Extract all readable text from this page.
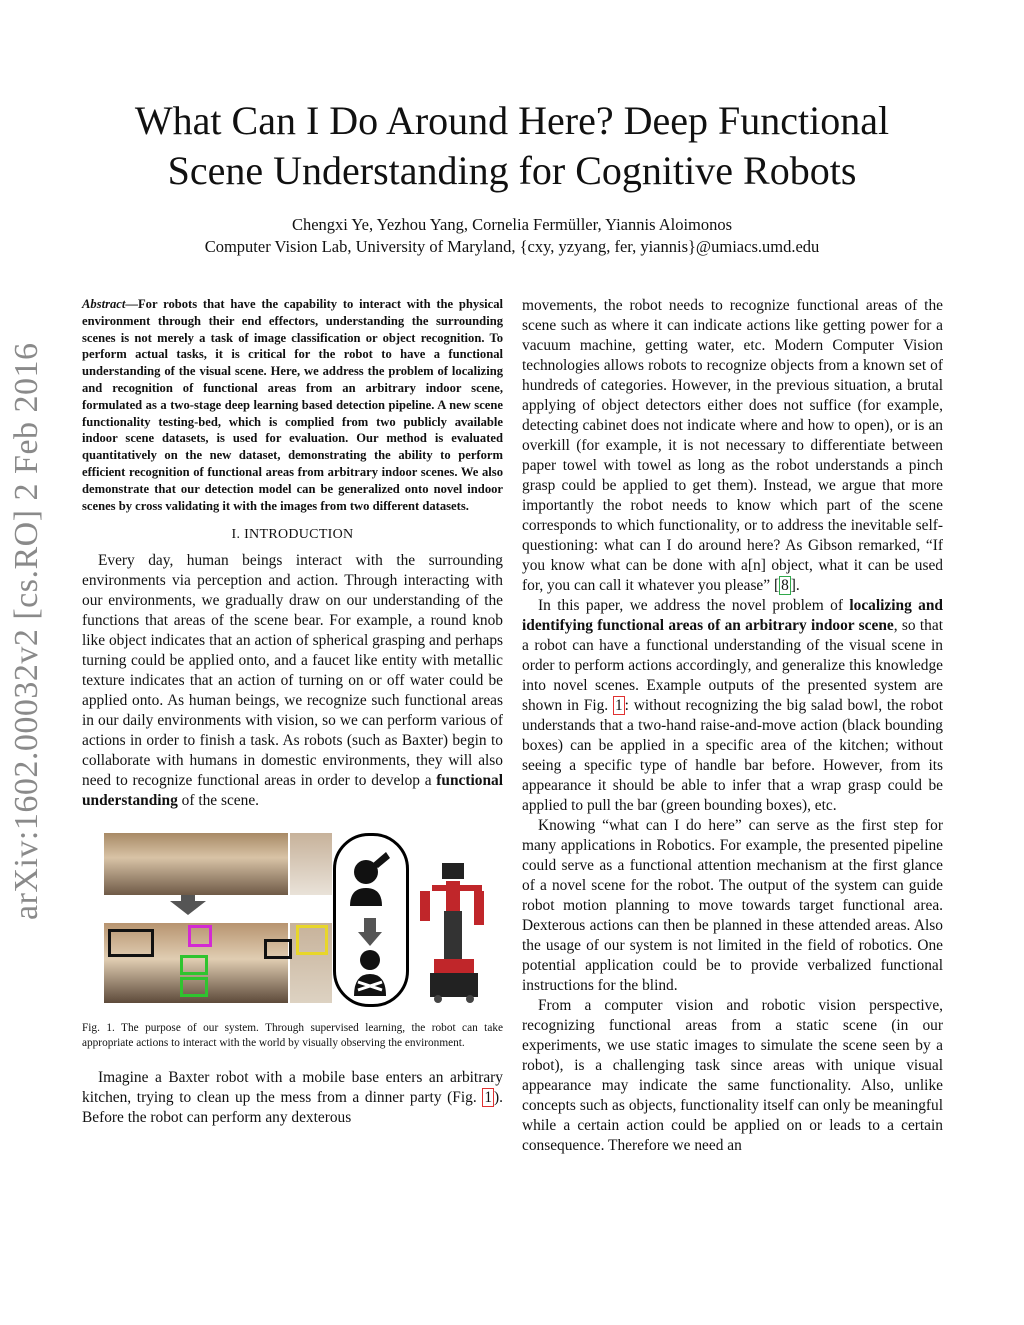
What Can I Do Around Here? Deep Functional
Scene Understanding for Cognitive Robots
Chengxi Ye, Yezhou Yang, Cornelia Fermüller, Yiannis Aloimonos
Computer Vision Lab, University of Maryland, {cxy, yzyang, fer, yiannis}@umiacs.umd.edu
arXiv:1602.00032v2 [cs.RO] 2 Feb 2016

Abstract—For robots that have the capability to interact with the physical environment through their end effectors, understanding the surrounding scenes is not merely a task of image classification or object recognition. To perform actual tasks, it is critical for the robot to have a functional understanding of the visual scene. Here, we address the problem of localizing and recognition of functional areas from an arbitrary indoor scene, formulated as a two-stage deep learning based detection pipeline. A new scene functionality testing-bed, which is complied from two publicly available indoor scene datasets, is used for evaluation. Our method is evaluated quantitatively on the new dataset, demonstrating the ability to perform efficient recognition of functional areas from arbitrary indoor scenes. We also demonstrate that our detection model can be generalized onto novel indoor scenes by cross validating it with the images from two different datasets.

I. INTRODUCTION

Every day, human beings interact with the surrounding environments via perception and action. Through interacting with our environments, we gradually draw on our understanding of the functions that areas of the scene bear. For example, a round knob like object indicates that an action of spherical grasping and perhaps turning could be applied onto, and a faucet like entity with metallic texture indicates that an action of turning on or off water could be applied onto. As human beings, we recognize such functional areas in our daily environments with vision, so we can perform various of actions in order to finish a task. As robots (such as Baxter) begin to collaborate with humans in domestic environments, they will also need to recognize functional areas in order to develop a functional understanding of the scene.

Fig. 1. The purpose of our system. Through supervised learning, the robot can take appropriate actions to interact with the world by visually observing the environment.

Imagine a Baxter robot with a mobile base enters an arbitrary kitchen, trying to clean up the mess from a dinner party (Fig. 1 ). Before the robot can perform any dexterous

movements, the robot needs to recognize functional areas of the scene such as where it can indicate actions like getting power for a vacuum machine, getting water, etc. Modern Computer Vision technologies allows robots to recognize objects from a known set of hundreds of categories. However, in the previous situation, a brutal applying of object detectors either does not suffice (for example, detecting cabinet does not indicate where and how to open), or is an overkill (for example, it is not necessary to differentiate between paper towel with towel as long as the robot understands a pinch grasp could be applied to get them). Instead, we argue that more importantly the robot needs to know which part of the scene corresponds to which functionality, or to address the inevitable self-questioning: what can I do around here? As Gibson remarked, “If you know what can be done with a[n] object, what it can be used for, you can call it whatever you please” [ 8 ].

In this paper, we address the novel problem of localizing and identifying functional areas of an arbitrary indoor scene, so that a robot can have a functional understanding of the visual scene in order to perform actions accordingly, and generalize this knowledge into novel scenes. Example outputs of the presented system are shown in Fig. 1 : without recognizing the big salad bowl, the robot understands that a two-hand raise-and-move action (black bounding boxes) can be applied in a specific area of the kitchen; without seeing a specific type of handle bar before. However, from its appearance it should be able to infer that a wrap grasp could be applied to pull the bar (green bounding boxes), etc.

Knowing “what can I do here” can serve as the first step for many applications in Robotics. For example, the presented pipeline could serve as a functional attention mechanism at the first glance of a novel scene for the robot. The output of the system can guide robot motion planning to move towards target functional area. Dexterous actions can then be planned in these attended areas. Also the usage of our system is not limited in the field of robotics. One potential application could be to provide verbalized functional instructions for the blind.

From a computer vision and robotic vision perspective, recognizing functional areas from a static scene (in our experiments, we use static images to simulate the scene seen by a robot), is a challenging task since areas with unique visual appearance may indicate the same functionality. Also, unlike concepts such as objects, functionality itself can only be meaningful while a certain action could be applied on or leads to a certain consequence. Therefore we need an
